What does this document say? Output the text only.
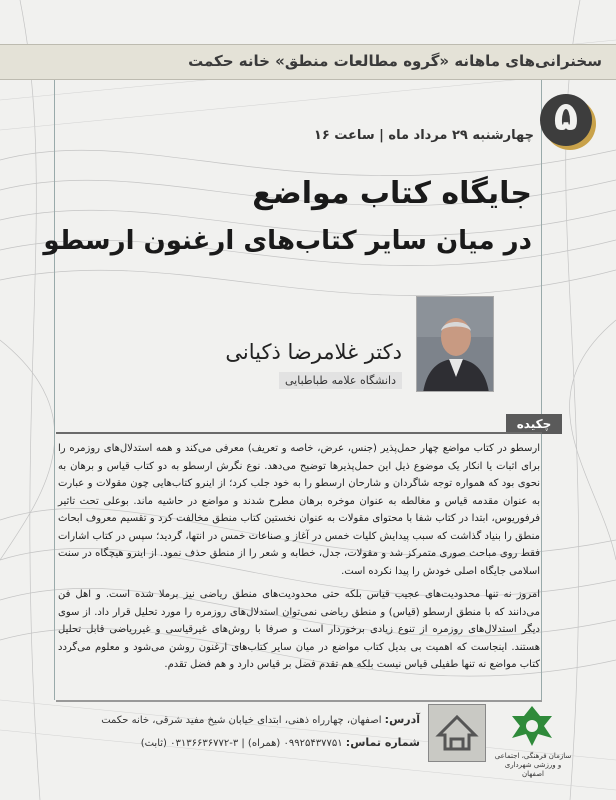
سخنرانی‌های ماهانه «گروه مطالعات منطق» خانه حکمت
۵
چهارشنبه ۲۹ مرداد ماه | ساعت ۱۶
جایگاه کتاب مواضع
در میان سایر کتاب‌های ارغنون ارسطو
دکتر غلامرضا ذکیانی
دانشگاه علامه طباطبایی
چکیده

ارسطو در کتاب مواضع چهار حمل‌پذیر (جنس، عرض، خاصه و تعریف) معرفی می‌کند و همه استدلال‌های روزمره را برای اثبات یا انکار یک موضوع ذیل این حمل‌پذیرها توضیح می‌دهد. نوع نگرش ارسطو به دو کتاب قیاس و برهان به نحوی بود که همواره توجه شاگردان و شارحان ارسطو را به خود جلب کرد؛ از اینرو کتاب‌هایی چون مقولات و عبارت به عنوان مقدمه قیاس و مغالطه به عنوان موخره برهان مطرح شدند و مواضع در حاشیه ماند. بوعلی تحت تاثیر فرفوریوس، ابتدا در کتاب شفا با محتوای مقولات به عنوان نخستین کتاب منطق مخالفت کرد و تقسیم معروف ابحاث منطق را بنیاد گذاشت که سبب پیدایش کلیات خمس در آغاز و صناعات خمس در انتها، گردید؛ سپس در کتاب اشارات فقط روی مباحث صوری متمرکز شد و مقولات، جدل، خطابه و شعر را از منطق حذف نمود. از اینرو هیچگاه در سنت اسلامی جایگاه اصلی خودش را پیدا نکرده است.

امروز نه تنها محدودیت‌های عجیب قیاس بلکه حتی محدودیت‌های منطق ریاضی نیز برملا شده است. و اهل فن می‌دانند که با منطق ارسطو (قیاس) و منطق ریاضی نمی‌توان استدلال‌های روزمره را مورد تحلیل قرار داد. از سوی دیگر استدلال‌های روزمره از تنوع زیادی برخوردار است و صرفا با روش‌های غیرقیاسی و غیرریاضی قابل تحلیل هستند. اینجاست که اهمیت بی بدیل کتاب مواضع در میان سایر کتاب‌های ارغنون روشن می‌شود و معلوم می‌گردد کتاب مواضع نه تنها طفیلی قیاس نیست بلکه هم تقدم فضل بر قیاس دارد و هم فضل تقدم.

سازمان فرهنگی، اجتماعی و ورزشی شهرداری اصفهان
آدرس: اصفهان، چهارراه ذهنی، ابتدای خیابان شیخ مفید شرقی، خانه حکمت
شماره تماس: ۰۹۹۲۵۴۳۷۷۵۱ (همراه) | ۳-۰۳۱۳۶۶۳۶۷۷۲ (ثابت)
